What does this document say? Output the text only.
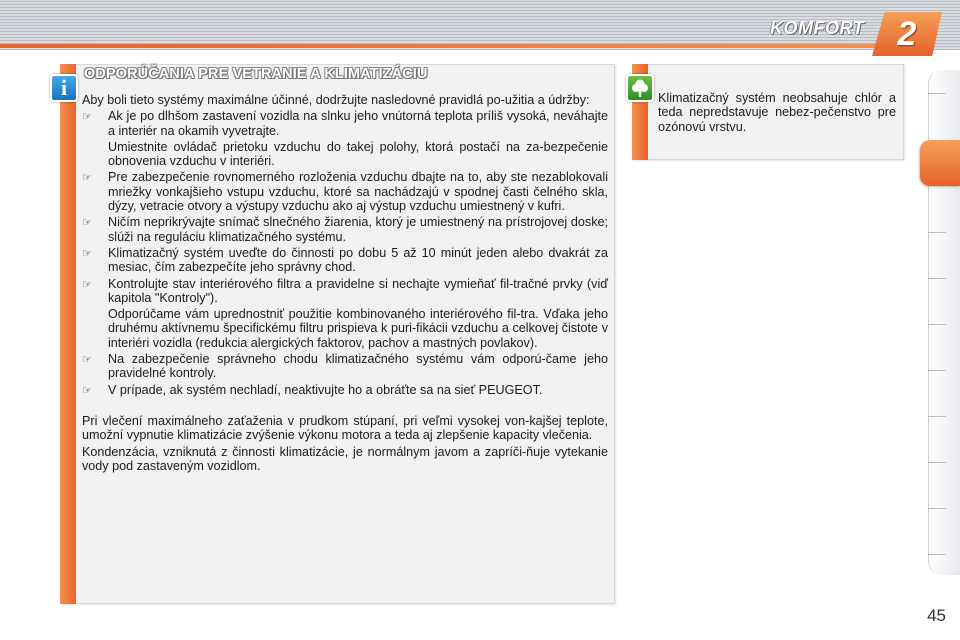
KOMFORT 2
i
ODPORÚČANIA PRE VETRANIE A KLIMATIZÁCIU

Aby boli tieto systémy maximálne účinné, dodržujte nasledovné pravidlá po-užitia a údržby:

☞	Ak je po dlhšom zastavení vozidla na slnku jeho vnútorná teplota príliš vysoká, neváhajte a interiér na okamih vyvetrajte.

Umiestnite ovládač prietoku vzduchu do takej polohy, ktorá postačí na za-bezpečenie obnovenia vzduchu v interiéri.

☞	Pre zabezpečenie rovnomerného rozloženia vzduchu dbajte na to, aby ste nezablokovali mriežky vonkajšieho vstupu vzduchu, ktoré sa nachádzajú v spodnej časti čelného skla, dýzy, vetracie otvory a výstupy vzduchu ako aj výstup vzduchu umiestnený v kufri.
☞	Ničím neprikrývajte snímač slnečného žiarenia, ktorý je umiestnený na prístrojovej doske; slúži na reguláciu klimatizačného systému.
☞	Klimatizačný systém uveďte do činnosti po dobu 5 až 10 minút jeden alebo dvakrát za mesiac, čím zabezpečíte jeho správny chod.
☞	Kontrolujte stav interiérového filtra a pravidelne si nechajte vymieňať fil-tračné prvky (viď kapitola "Kontroly").

Odporúčame vám uprednostniť použitie kombinovaného interiérového fil-tra. Vďaka jeho druhému aktívnemu špecifickému filtru prispieva k puri-fikácii vzduchu a celkovej čistote v interiéri vozidla (redukcia alergických faktorov, pachov a mastných povlakov).

☞	Na zabezpečenie správneho chodu klimatizačného systému vám odporú-čame jeho pravidelné kontroly.
☞	V prípade, ak systém nechladí, neaktivujte ho a obráťte sa na sieť PEUGEOT.

Pri vlečení maximálneho zaťaženia v prudkom stúpaní, pri veľmi vysokej von-kajšej teplote, umožní vypnutie klimatizácie zvýšenie výkonu motora a teda aj zlepšenie kapacity vlečenia.

Kondenzácia, vzniknutá z činnosti klimatizácie, je normálnym javom a zapríči-ňuje vytekanie vody pod zastaveným vozidlom.

Klimatizačný systém neobsahuje chlór a teda nepredstavuje nebez-pečenstvo pre ozónovú vrstvu.
45
